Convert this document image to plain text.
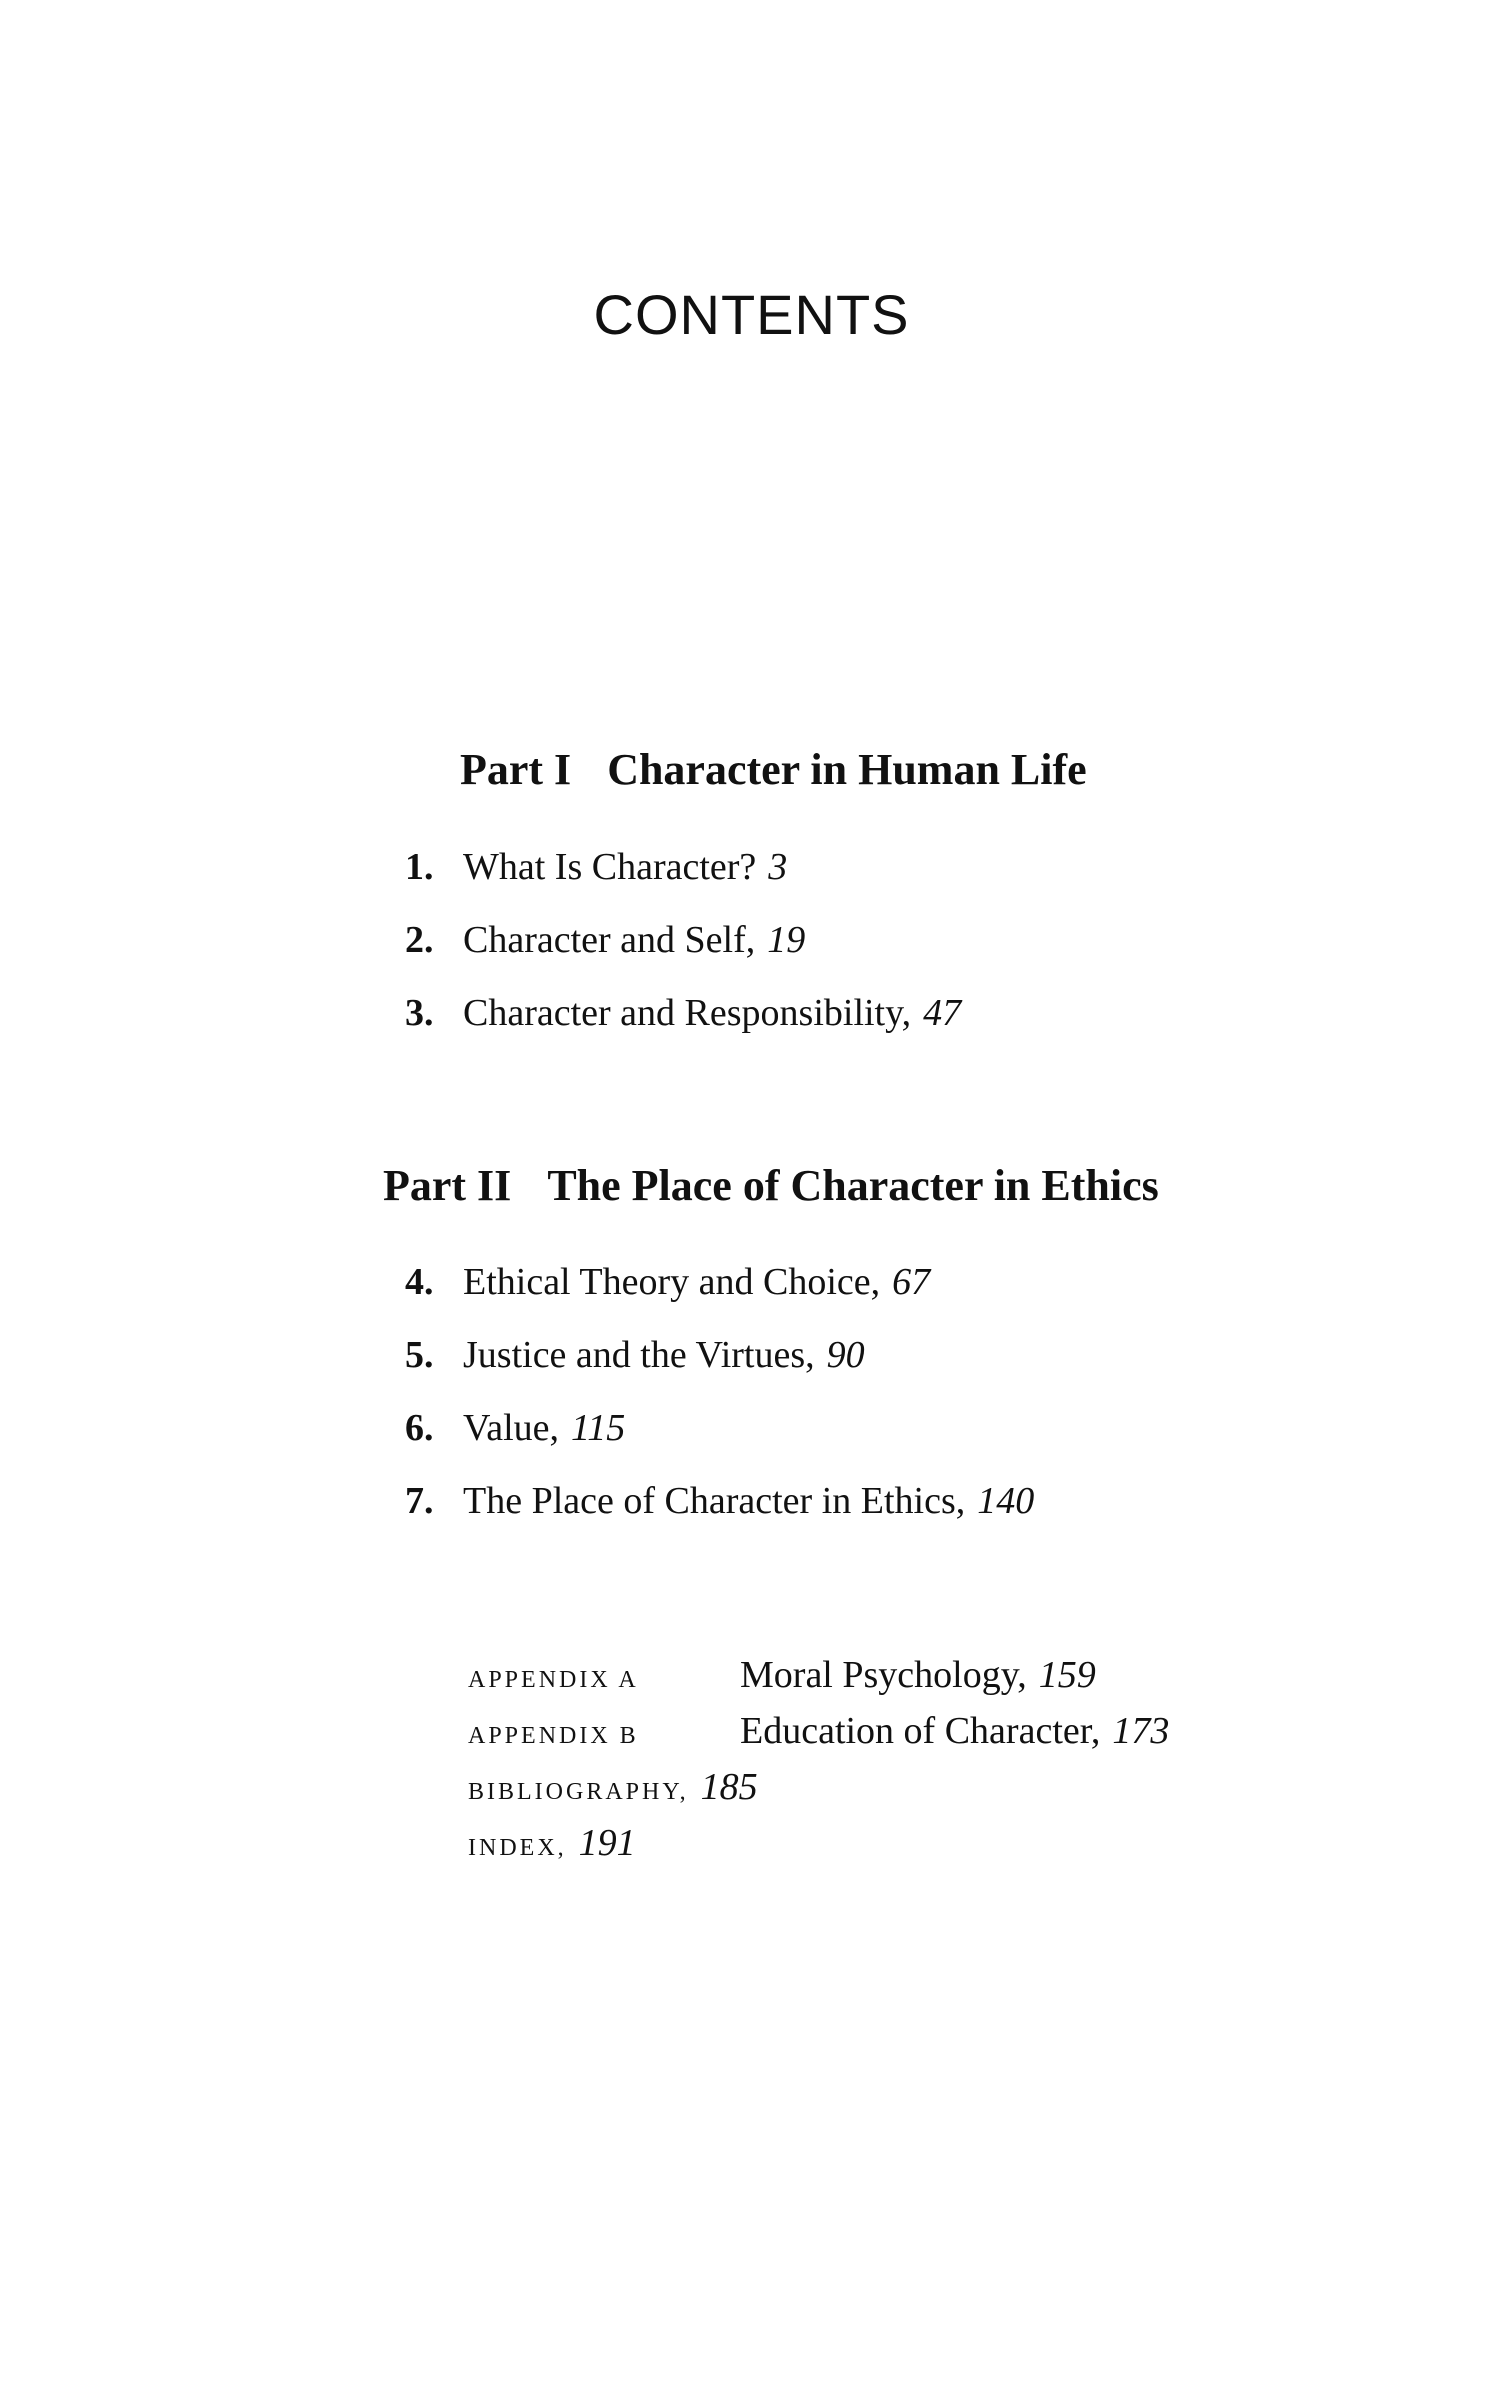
CONTENTS
Part I Character in Human Life
1. What Is Character? 3
2. Character and Self, 19
3. Character and Responsibility, 47
Part II The Place of Character in Ethics
4. Ethical Theory and Choice, 67
5. Justice and the Virtues, 90
6. Value, 115
7. The Place of Character in Ethics, 140
APPENDIX A	Moral Psychology, 159
APPENDIX B	Education of Character, 173
BIBLIOGRAPHY, 185
INDEX, 191
